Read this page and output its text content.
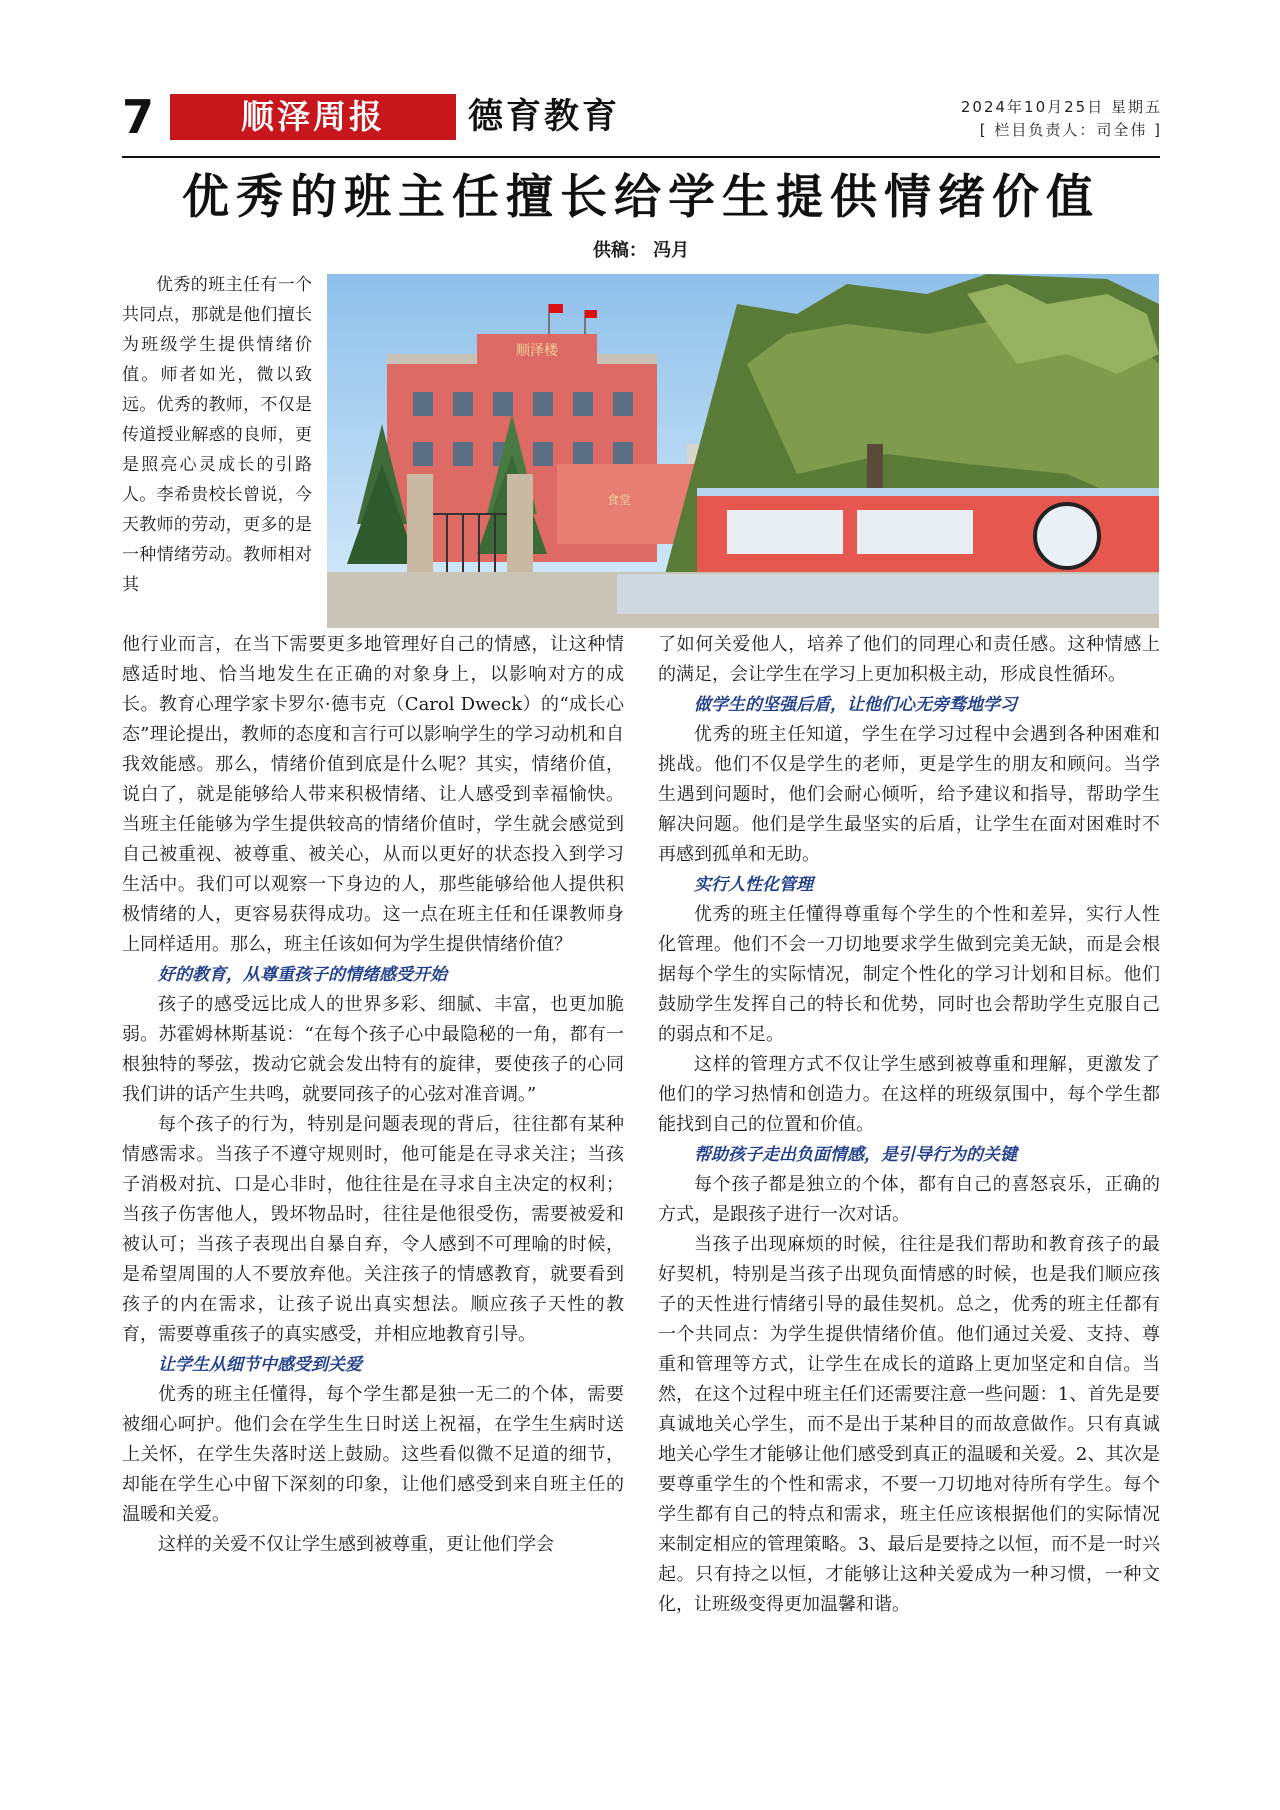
7	顺泽周报	德育教育	2024年10月25日 星期五
[ 栏目负责人：司全伟 ]
优秀的班主任擅长给学生提供情绪价值
供稿： 冯月
顺泽楼
食堂

优秀的班主任有一个共同点，那就是他们擅长为班级学生提供情绪价值。师者如光，微以致远。优秀的教师，不仅是传道授业解惑的良师，更是照亮心灵成长的引路人。李希贵校长曾说，今天教师的劳动，更多的是一种情绪劳动。教师相对其

他行业而言，在当下需要更多地管理好自己的情感，让这种情感适时地、恰当地发生在正确的对象身上，以影响对方的成长。教育心理学家卡罗尔·德韦克（Carol Dweck）的“成长心态”理论提出，教师的态度和言行可以影响学生的学习动机和自我效能感。那么，情绪价值到底是什么呢？其实，情绪价值，说白了，就是能够给人带来积极情绪、让人感受到幸福愉快。当班主任能够为学生提供较高的情绪价值时，学生就会感觉到自己被重视、被尊重、被关心，从而以更好的状态投入到学习生活中。我们可以观察一下身边的人，那些能够给他人提供积极情绪的人，更容易获得成功。这一点在班主任和任课教师身上同样适用。那么，班主任该如何为学生提供情绪价值？

好的教育，从尊重孩子的情绪感受开始

孩子的感受远比成人的世界多彩、细腻、丰富，也更加脆弱。苏霍姆林斯基说：“在每个孩子心中最隐秘的一角，都有一根独特的琴弦，拨动它就会发出特有的旋律，要使孩子的心同我们讲的话产生共鸣，就要同孩子的心弦对准音调。”

每个孩子的行为，特别是问题表现的背后，往往都有某种情感需求。当孩子不遵守规则时，他可能是在寻求关注；当孩子消极对抗、口是心非时，他往往是在寻求自主决定的权利；当孩子伤害他人，毁坏物品时，往往是他很受伤，需要被爱和被认可；当孩子表现出自暴自弃，令人感到不可理喻的时候，是希望周围的人不要放弃他。关注孩子的情感教育，就要看到孩子的内在需求，让孩子说出真实想法。顺应孩子天性的教育，需要尊重孩子的真实感受，并相应地教育引导。

让学生从细节中感受到关爱

优秀的班主任懂得，每个学生都是独一无二的个体，需要被细心呵护。他们会在学生生日时送上祝福，在学生生病时送上关怀，在学生失落时送上鼓励。这些看似微不足道的细节，却能在学生心中留下深刻的印象，让他们感受到来自班主任的温暖和关爱。

这样的关爱不仅让学生感到被尊重，更让他们学会

了如何关爱他人，培养了他们的同理心和责任感。这种情感上的满足，会让学生在学习上更加积极主动，形成良性循环。

做学生的坚强后盾，让他们心无旁骛地学习

优秀的班主任知道，学生在学习过程中会遇到各种困难和挑战。他们不仅是学生的老师，更是学生的朋友和顾问。当学生遇到问题时，他们会耐心倾听，给予建议和指导，帮助学生解决问题。他们是学生最坚实的后盾，让学生在面对困难时不再感到孤单和无助。

实行人性化管理

优秀的班主任懂得尊重每个学生的个性和差异，实行人性化管理。他们不会一刀切地要求学生做到完美无缺，而是会根据每个学生的实际情况，制定个性化的学习计划和目标。他们鼓励学生发挥自己的特长和优势，同时也会帮助学生克服自己的弱点和不足。

这样的管理方式不仅让学生感到被尊重和理解，更激发了他们的学习热情和创造力。在这样的班级氛围中，每个学生都能找到自己的位置和价值。

帮助孩子走出负面情感，是引导行为的关键

每个孩子都是独立的个体，都有自己的喜怒哀乐，正确的方式，是跟孩子进行一次对话。

当孩子出现麻烦的时候，往往是我们帮助和教育孩子的最好契机，特别是当孩子出现负面情感的时候，也是我们顺应孩子的天性进行情绪引导的最佳契机。总之，优秀的班主任都有一个共同点：为学生提供情绪价值。他们通过关爱、支持、尊重和管理等方式，让学生在成长的道路上更加坚定和自信。当然，在这个过程中班主任们还需要注意一些问题：1、首先是要真诚地关心学生，而不是出于某种目的而故意做作。只有真诚地关心学生才能够让他们感受到真正的温暖和关爱。2、其次是要尊重学生的个性和需求，不要一刀切地对待所有学生。每个学生都有自己的特点和需求，班主任应该根据他们的实际情况来制定相应的管理策略。3、最后是要持之以恒，而不是一时兴起。只有持之以恒，才能够让这种关爱成为一种习惯，一种文化，让班级变得更加温馨和谐。
